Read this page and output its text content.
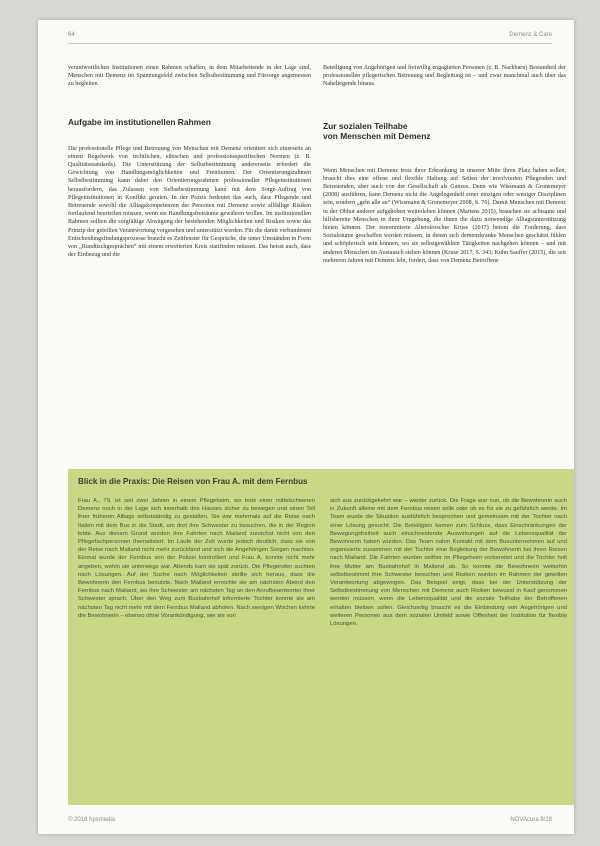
64	Demenz & Care

verantwortlichen Institutionen einen Rahmen schaffen, in dem Mitarbeitende in der Lage sind, Menschen mit Demenz im Spannungsfeld zwischen Selbstbestimmung und Fürsorge angemessen zu begleiten.

Aufgabe im institutionellen Rahmen

Die professionelle Pflege und Betreuung von Menschen mit Demenz orientiert sich einerseits an einem Regelwerk von rechtlichen, ethischen und professionsspezifischen Normen (z. B. Qualitätsstandards). Die Unterstützung der Selbstbestimmung andererseits erfordert die Gewichtung von Handlungsmöglichkeiten und Freiräumen. Der Orientierungsrahmen Selbstbestimmung kann dabei den Orientierungsrahmen professioneller Pflegeinstitutionen herausfordern, das Zulassen von Selbstbestimmung kann mit dem Sorge-Auftrag von Pflegeinstitutionen in Konflikt geraten. In der Praxis bedeutet das auch, dass Pflegende und Betreuende sowohl die Alltagskompetenzen der Personen mit Demenz sowie allfällige Risiken fortlaufend beurteilen müssen, wenn sie Handlungsfreiräume gewähren wollen. Im institutionellen Rahmen sollten die sorgfältige Abwägung der bestehenden Möglichkeiten und Risiken sowie das Prinzip der geteilten Verantwortung vorgesehen und unterstützt werden. Für die damit verbundenen Entscheidungsfindungsprozesse braucht es Zeitfenster für Gespräche, die unter Umständen in Form von „Rundtischgesprächen“ mit einem erweiterten Kreis stattfinden müssen. Das heisst auch, dass der Einbezug und die

Beteiligung von Angehörigen und freiwillig engagierten Personen (z. B. Nachbarn) Bestandteil der professionellen pflegerischen Betreuung und Begleitung ist – und zwar manchmal auch über das Naheliegende hinaus.

Zur sozialen Teilhabe
von Menschen mit Demenz

Wenn Menschen mit Demenz trotz ihrer Erkrankung in unserer Mitte ihren Platz haben sollen, braucht dies eine offene und flexible Haltung auf Seiten der involvierten Pflegenden und Betreuenden, aber auch von der Gesellschaft als Ganzes. Denn wie Wissmann & Gronemeyer (2008) ausführen, kann Demenz nicht die Angelegenheit einer einzigen oder weniger Disziplinen sein, sondern „geht alle an“ (Wissmann & Gronemeyer 2008, S. 76). Damit Menschen mit Demenz in der Obhut anderer aufgehoben weiterleben können (Martens 2015), brauchen sie achtsame und hilfsbereite Menschen in ihrer Umgebung, die ihnen die dazu notwendige Alltagsunterstützung bieten können. Der renommierte Altersforscher Kruse (2017) betont die Forderung, dass Sozialräume geschaffen werden müssen, in denen sich demenzkranke Menschen geschätzt fühlen und schöpferisch sein können, wo sie selbstgewählten Tätigkeiten nachgehen können – und mit anderen Menschen im Austausch stehen können (Kruse 2017, S. 343; Kuhn Sauffer (2015), die seit mehreren Jahren mit Demenz lebt, fordert, dass von Demenz Betroffene

Blick in die Praxis: Die Reisen von Frau A. mit dem Fernbus

Frau A., 79, ist seit zwei Jahren in einem Pflegeheim, wo trotz einer mittelschweren Demenz noch in der Lage sich innerhalb des Hauses sicher zu bewegen und einen Teil ihrer früheren Alltags selbstständig zu gestalten. Sie war mehrmals auf die Reise nach Italien mit dem Bus in die Stadt, um dort ihre Schwester zu besuchen, die in der Region lebte. Aus diesem Grund wurden ihre Fahrten nach Mailand zunächst nicht von den Pflegefachpersonen thematisiert. Im Laufe der Zeit wurde jedoch deutlich, dass sie von der Reise nach Mailand nicht mehr zurückfand und sich die Angehörigen Sorgen machten. Einmal wurde der Fernbus von der Polizei kontrolliert und Frau A. konnte nicht mehr angeben, wohin sie unterwegs war. Abends kam sie spät zurück. Die Pflegenden suchten nach Lösungen. Auf der Suche nach Möglichkeiten stellte sich heraus, dass die Bewohnerin den Fernbus benutzte. Nach Mailand erreichte sie am nächsten Abend den Fernbus nach Mailand, wo ihre Schwester am nächsten Tag an den Anrufbeantworter ihrer Schwester sprach. Über den Weg zum Busbahnhof informierte Tochter konnte sie am nächsten Tag nicht mehr mit dem Fernbus Mailand abholen. Nach wenigen Wochen kehrte die Bewohnerin – ebenso ohne Vorankündigung, wie sie von

sich aus zurückgekehrt war – wieder zurück. Die Frage war nun, ob die Bewohnerin auch in Zukunft alleine mit dem Fernbus reisen solle oder ob es für sie zu gefährlich werde. Im Team wurde die Situation ausführlich besprochen und gemeinsam mit der Tochter nach einer Lösung gesucht. Die Beteiligten kamen zum Schluss, dass Einschränkungen der Bewegungsfreiheit auch einschneidende Auswirkungen auf die Lebensqualität der Bewohnerin haben würden. Das Team nahm Kontakt mit dem Busunternehmen auf und organisierte zusammen mit der Tochter eine Begleitung der Bewohnerin bei ihren Reisen nach Mailand. Die Fahrten wurden seither im Pflegeheim vorbereitet und die Tochter holt ihre Mutter am Busbahnhof in Mailand ab. So konnte die Bewohnerin weiterhin selbstbestimmt ihre Schwester besuchen und Risiken wurden im Rahmen der geteilten Verantwortung abgewogen. Das Beispiel zeigt, dass bei der Unterstützung der Selbstbestimmung von Menschen mit Demenz auch Risiken bewusst in Kauf genommen werden müssen, wenn die Lebensqualität und die soziale Teilhabe der Betroffenen erhalten bleiben sollen. Gleichzeitig braucht es die Einbindung von Angehörigen und weiteren Personen aus dem sozialen Umfeld sowie Offenheit der Institution für flexible Lösungen.

© 2018 hpsmedia	NOVAcura 8/18
